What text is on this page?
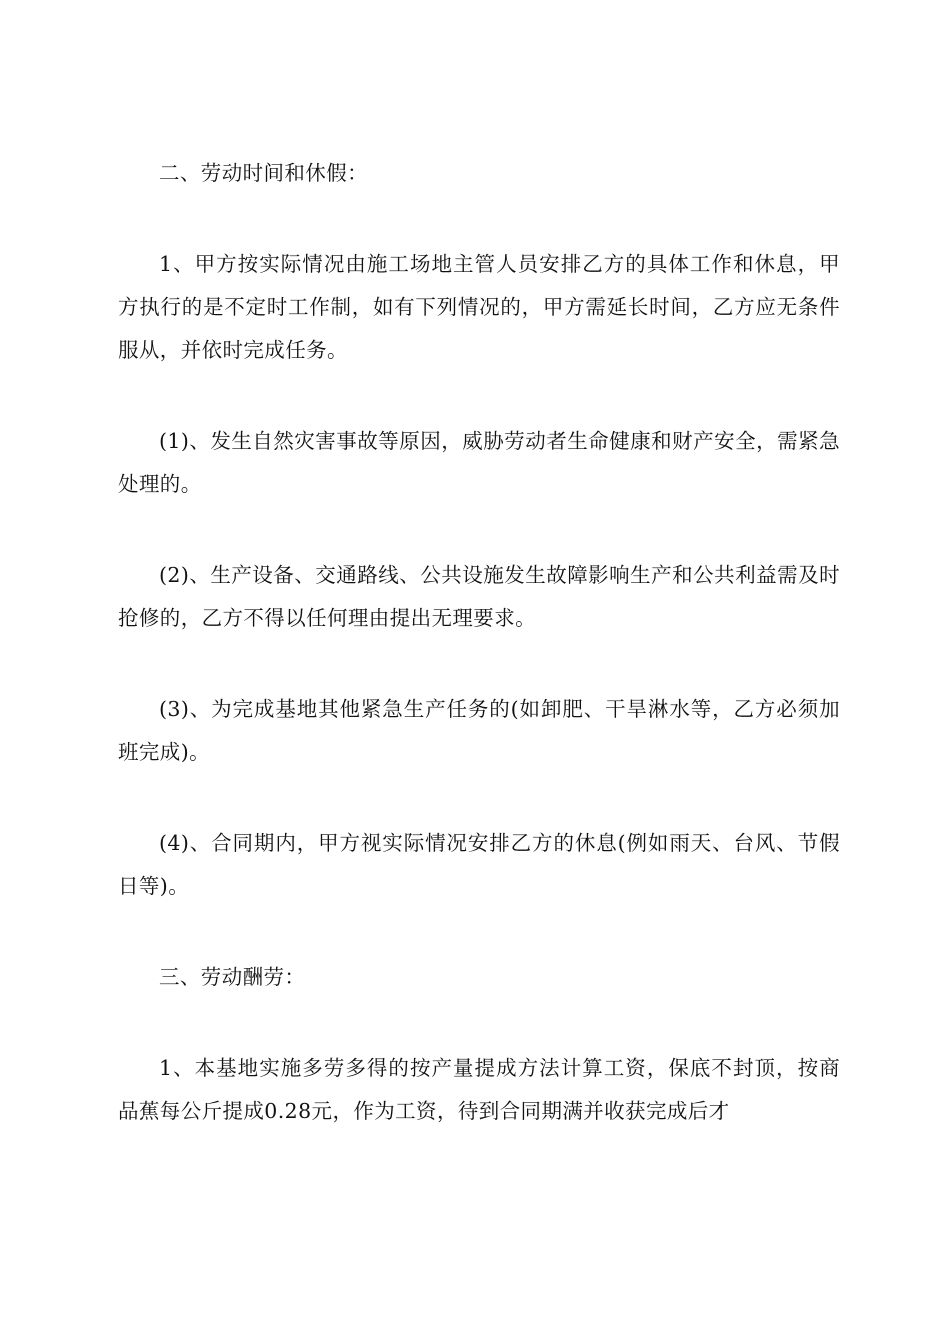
二、劳动时间和休假：

1、甲方按实际情况由施工场地主管人员安排乙方的具体工作和休息，甲方执行的是不定时工作制，如有下列情况的，甲方需延长时间，乙方应无条件服从，并依时完成任务。

(1)、发生自然灾害事故等原因，威胁劳动者生命健康和财产安全，需紧急处理的。

(2)、生产设备、交通路线、公共设施发生故障影响生产和公共利益需及时抢修的，乙方不得以任何理由提出无理要求。

(3)、为完成基地其他紧急生产任务的(如卸肥、干旱淋水等，乙方必须加班完成)。

(4)、合同期内，甲方视实际情况安排乙方的休息(例如雨天、台风、节假日等)。

三、劳动酬劳：

1、本基地实施多劳多得的按产量提成方法计算工资，保底不封顶，按商品蕉每公斤提成0.28元，作为工资，待到合同期满并收获完成后才
